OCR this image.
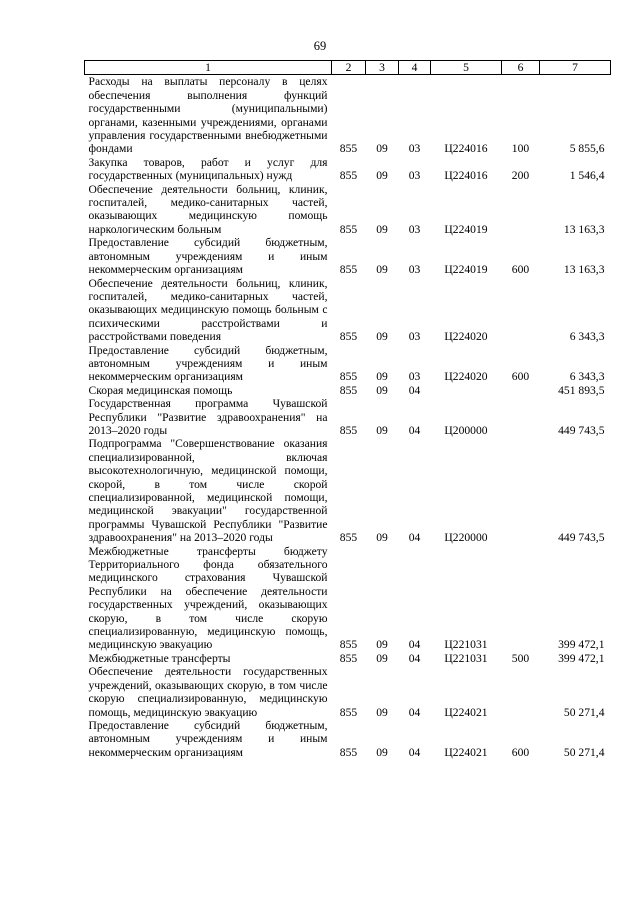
69
1	2	3	4	5	6	7
Расходы на выплаты персоналу в целях обеспечения выполнения функций государственными (муниципальными) органами, казенными учреждениями, органами управления государственными внебюджетными фондами	855	09	03	Ц224016	100	5 855,6
Закупка товаров, работ и услуг для государственных (муниципальных) нужд	855	09	03	Ц224016	200	1 546,4
Обеспечение деятельности больниц, клиник, госпиталей, медико-санитарных частей, оказывающих медицинскую помощь наркологическим больным	855	09	03	Ц224019		13 163,3
Предоставление субсидий бюджетным, автономным учреждениям и иным некоммерческим организациям	855	09	03	Ц224019	600	13 163,3
Обеспечение деятельности больниц, клиник, госпиталей, медико-санитарных частей, оказывающих медицинскую помощь больным с психическими расстройствами и расстройствами поведения	855	09	03	Ц224020		6 343,3
Предоставление субсидий бюджетным, автономным учреждениям и иным некоммерческим организациям	855	09	03	Ц224020	600	6 343,3
Скорая медицинская помощь	855	09	04			451 893,5
Государственная программа Чувашской Республики "Развитие здравоохранения" на 2013–2020 годы	855	09	04	Ц200000		449 743,5
Подпрограмма "Совершенствование оказания специализированной, включая высокотехнологичную, медицинской помощи, скорой, в том числе скорой специализированной, медицинской помощи, медицинской эвакуации" государственной программы Чувашской Республики "Развитие здравоохранения" на 2013–2020 годы	855	09	04	Ц220000		449 743,5
Межбюджетные трансферты бюджету Территориального фонда обязательного медицинского страхования Чувашской Республики на обеспечение деятельности государственных учреждений, оказывающих скорую, в том числе скорую специализированную, медицинскую помощь, медицинскую эвакуацию	855	09	04	Ц221031		399 472,1
Межбюджетные трансферты	855	09	04	Ц221031	500	399 472,1
Обеспечение деятельности государственных учреждений, оказывающих скорую, в том числе скорую специализированную, медицинскую помощь, медицинскую эвакуацию	855	09	04	Ц224021		50 271,4
Предоставление субсидий бюджетным, автономным учреждениям и иным некоммерческим организациям	855	09	04	Ц224021	600	50 271,4
